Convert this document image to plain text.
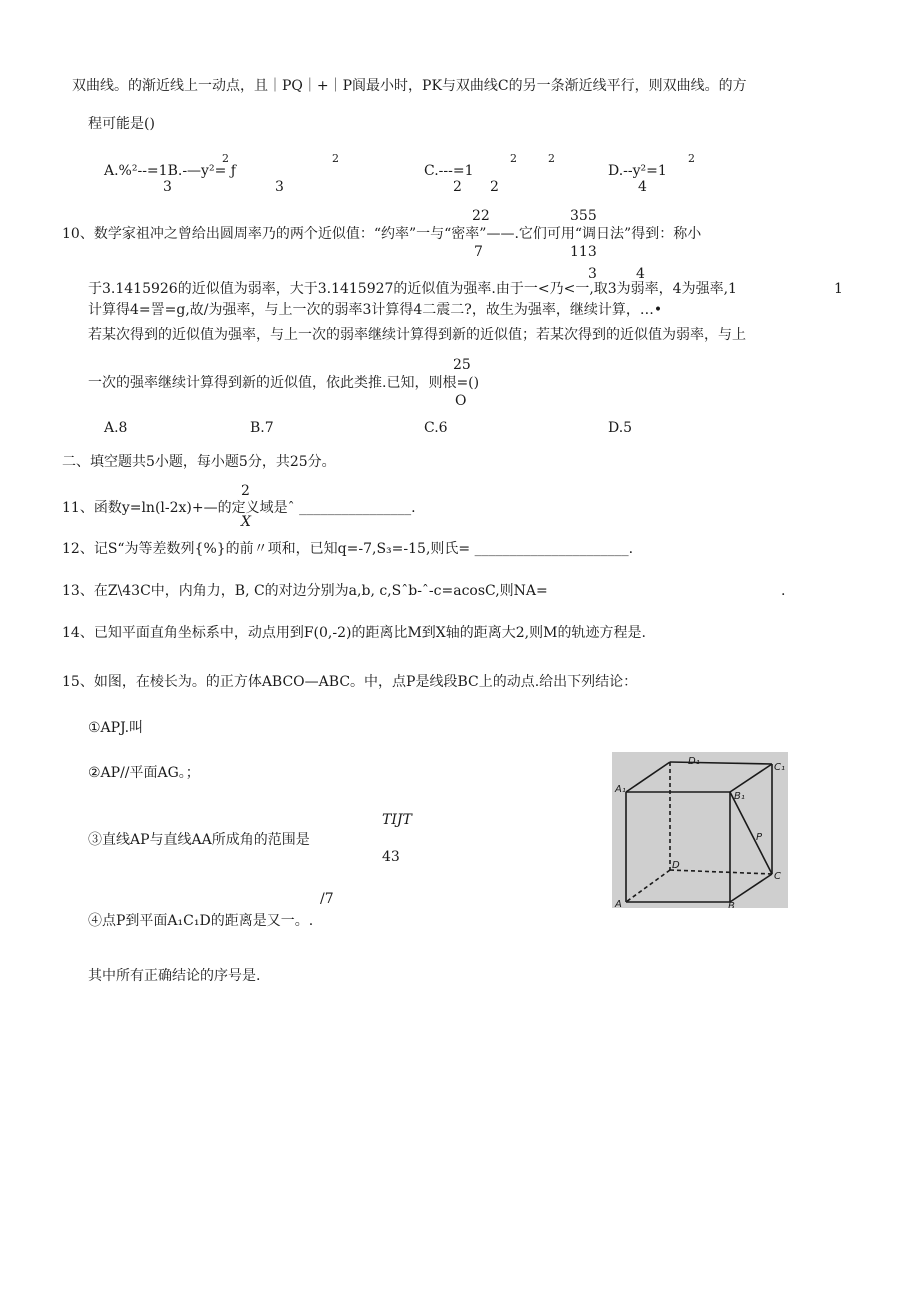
双曲线。的渐近线上一动点，且｜PQ｜+｜P阆最小时，PK与双曲线C的另一条渐近线平行，则双曲线。的方
程可能是()
2
A.%²--=1B.-—y²= ƒ
3
2
3
2	2
C.---=1
2 2
2
D.--y²=1
4
22	355
10、数学家祖冲之曾给出圆周率乃的两个近似值：“约率”一与“密率”——.它们可用“调日法”得到：称小
7	113
3	4
于3.1415926的近似值为弱率，大于3.1415927的近似值为强率.由于一<乃<一,取3为弱率，4为强率,1	1
计算得4=詈=g,故/为强率，与上一次的弱率3计算得4二震二?，故生为强率，继续计算，…•
若某次得到的近似值为强率，与上一次的弱率继续计算得到新的近似值；若某次得到的近似值为弱率，与上
25
一次的强率继续计算得到新的近似值，依此类推.已知，则根=()
O
A.8	B.7	C.6	D.5
二、填空题共5小题，每小题5分，共25分。
2
11、函数y=ln(l-2x)+—的定义域是ˆ ________________.
X
12、记S“为等差数列{%}的前〃项和，已知q=-7,S₃=-15,则氏= ______________________.
13、在Z\43C中，内角力，B, C的对边分别为a,b, c,Sˆb-ˆ-c=acosC,则NA=	.
14、已知平面直角坐标系中，动点用到F(0,-2)的距离比M到X轴的距离大2,则M的轨迹方程是.
15、如图，在棱长为。的正方体ABCO—ABC。中，点P是线段BC上的动点.给出下列结论：
①APJ.叫
②AP//平面AG。；
TIJT
③直线AP与直线AA所成角的范围是
43
/7
④点P到平面A₁C₁D的距离是又一。.
其中所有正确结论的序号是.
D₁
C₁
A₁
B₁
P
D
C
A	B
